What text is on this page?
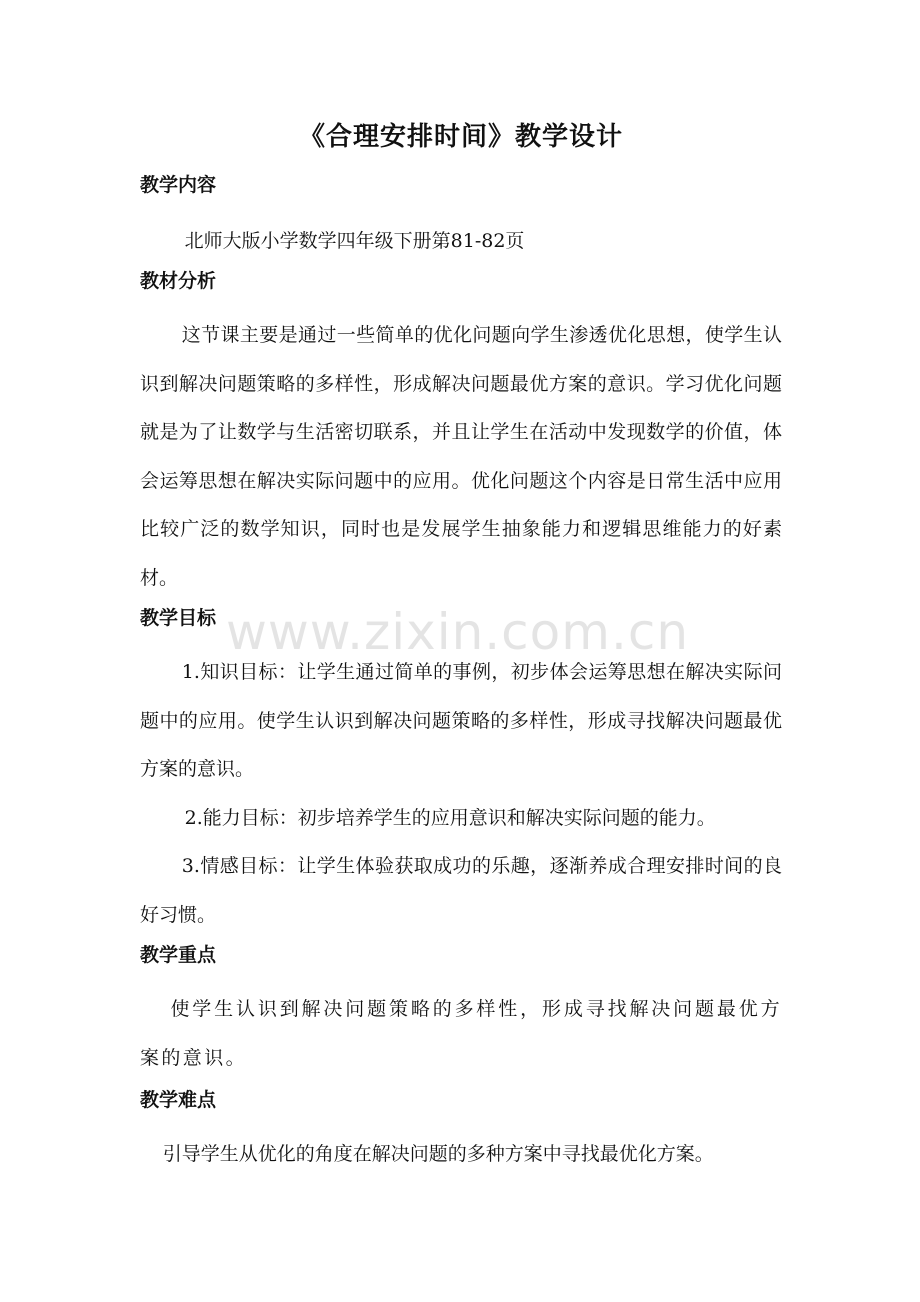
《合理安排时间》教学设计
教学内容

北师大版小学数学四年级下册第81-82页

教材分析

这节课主要是通过一些简单的优化问题向学生渗透优化思想，使学生认识到解决问题策略的多样性，形成解决问题最优方案的意识。学习优化问题就是为了让数学与生活密切联系，并且让学生在活动中发现数学的价值，体会运筹思想在解决实际问题中的应用。优化问题这个内容是日常生活中应用比较广泛的数学知识，同时也是发展学生抽象能力和逻辑思维能力的好素材。

教学目标

1.知识目标：让学生通过简单的事例，初步体会运筹思想在解决实际问题中的应用。使学生认识到解决问题策略的多样性，形成寻找解决问题最优方案的意识。

2.能力目标：初步培养学生的应用意识和解决实际问题的能力。

3.情感目标：让学生体验获取成功的乐趣，逐渐养成合理安排时间的良好习惯。

教学重点

使学生认识到解决问题策略的多样性，形成寻找解决问题最优方案的意识。

教学难点

引导学生从优化的角度在解决问题的多种方案中寻找最优化方案。

www.zixin.com.cn
